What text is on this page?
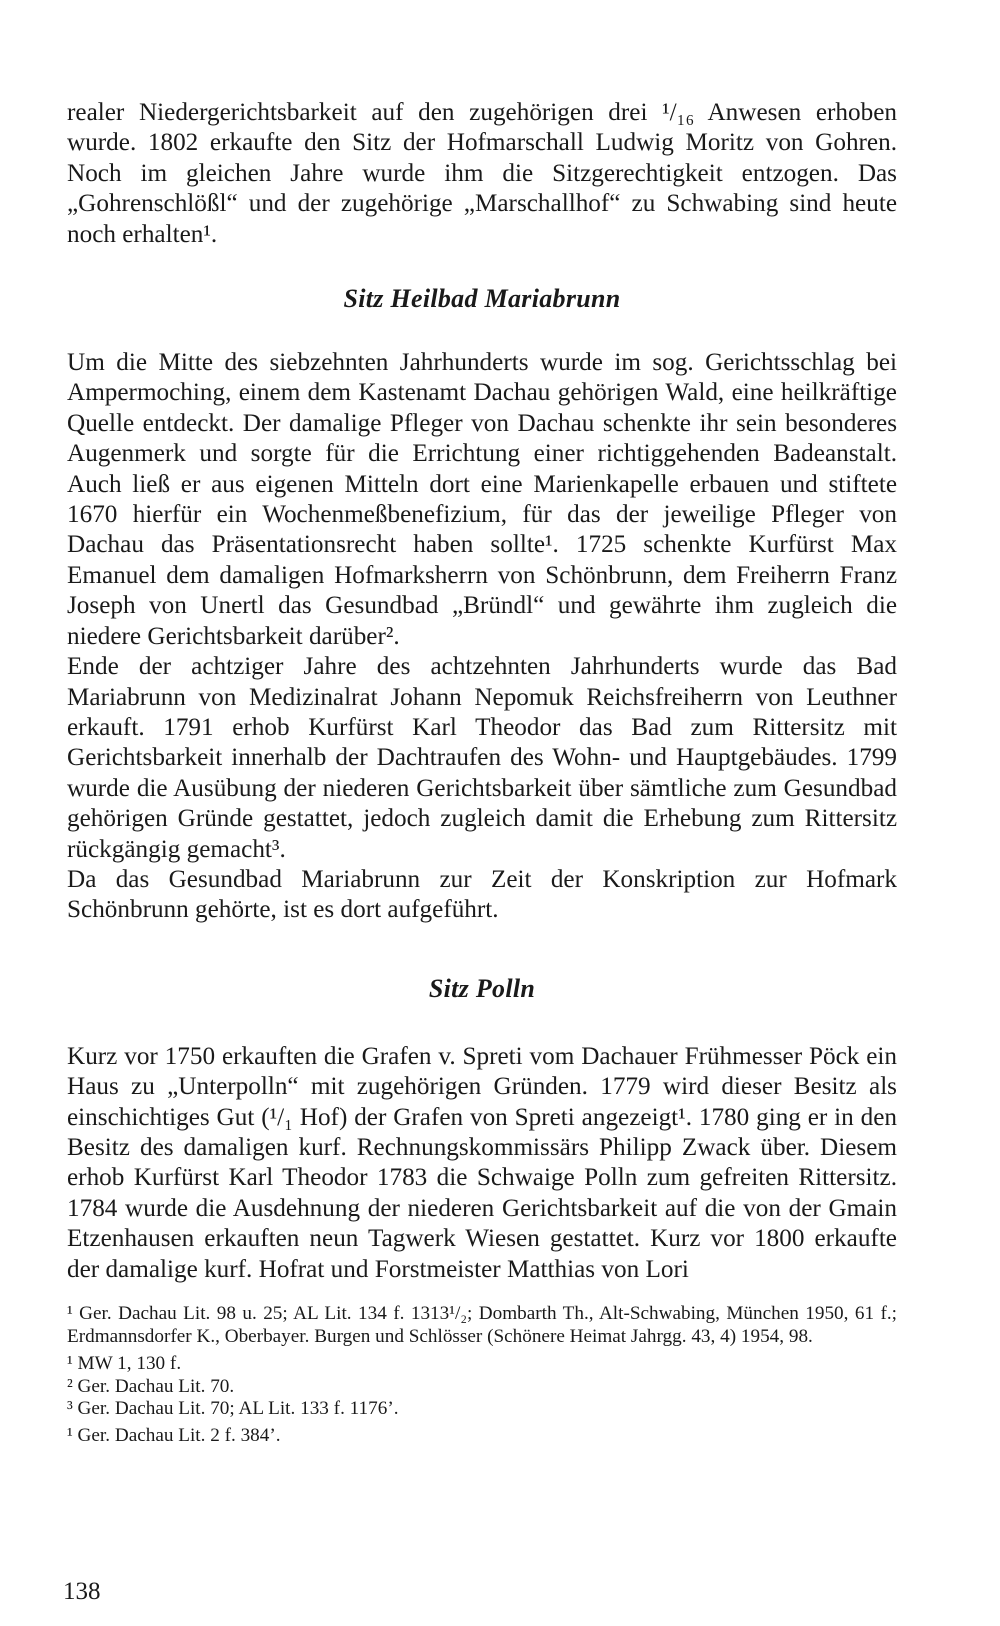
realer Niedergerichtsbarkeit auf den zugehörigen drei ¹/₁₆ Anwesen erhoben wurde. 1802 erkaufte den Sitz der Hofmarschall Ludwig Moritz von Gohren. Noch im gleichen Jahre wurde ihm die Sitzgerechtigkeit entzogen. Das „Gohrenschlößl“ und der zugehörige „Marschallhof“ zu Schwabing sind heute noch erhalten¹.

Sitz Heilbad Mariabrunn

Um die Mitte des siebzehnten Jahrhunderts wurde im sog. Gerichtsschlag bei Ampermoching, einem dem Kastenamt Dachau gehörigen Wald, eine heilkräftige Quelle entdeckt. Der damalige Pfleger von Dachau schenkte ihr sein besonderes Augenmerk und sorgte für die Errichtung einer richtiggehenden Badeanstalt. Auch ließ er aus eigenen Mitteln dort eine Marienkapelle erbauen und stiftete 1670 hierfür ein Wochenmeßbenefizium, für das der jeweilige Pfleger von Dachau das Präsentationsrecht haben sollte¹. 1725 schenkte Kurfürst Max Emanuel dem damaligen Hofmarksherrn von Schönbrunn, dem Freiherrn Franz Joseph von Unertl das Gesundbad „Bründl“ und gewährte ihm zugleich die niedere Gerichtsbarkeit darüber².

Ende der achtziger Jahre des achtzehnten Jahrhunderts wurde das Bad Mariabrunn von Medizinalrat Johann Nepomuk Reichsfreiherrn von Leuthner erkauft. 1791 erhob Kurfürst Karl Theodor das Bad zum Rittersitz mit Gerichtsbarkeit innerhalb der Dachtraufen des Wohn- und Hauptgebäudes. 1799 wurde die Ausübung der niederen Gerichtsbarkeit über sämtliche zum Gesundbad gehörigen Gründe gestattet, jedoch zugleich damit die Erhebung zum Rittersitz rückgängig gemacht³.

Da das Gesundbad Mariabrunn zur Zeit der Konskription zur Hofmark Schönbrunn gehörte, ist es dort aufgeführt.

Sitz Polln

Kurz vor 1750 erkauften die Grafen v. Spreti vom Dachauer Frühmesser Pöck ein Haus zu „Unterpolln“ mit zugehörigen Gründen. 1779 wird dieser Besitz als einschichtiges Gut (¹/₁ Hof) der Grafen von Spreti angezeigt¹. 1780 ging er in den Besitz des damaligen kurf. Rechnungskommissärs Philipp Zwack über. Diesem erhob Kurfürst Karl Theodor 1783 die Schwaige Polln zum gefreiten Rittersitz. 1784 wurde die Ausdehnung der niederen Gerichtsbarkeit auf die von der Gmain Etzenhausen erkauften neun Tagwerk Wiesen gestattet. Kurz vor 1800 erkaufte der damalige kurf. Hofrat und Forstmeister Matthias von Lori

¹ Ger. Dachau Lit. 98 u. 25; AL Lit. 134 f. 1313¹/₂; Dombarth Th., Alt-Schwabing, München 1950, 61 f.; Erdmannsdorfer K., Oberbayer. Burgen und Schlösser (Schönere Heimat Jahrgg. 43, 4) 1954, 98.

¹ MW 1, 130 f.

² Ger. Dachau Lit. 70.

³ Ger. Dachau Lit. 70; AL Lit. 133 f. 1176’.

¹ Ger. Dachau Lit. 2 f. 384’.

138
